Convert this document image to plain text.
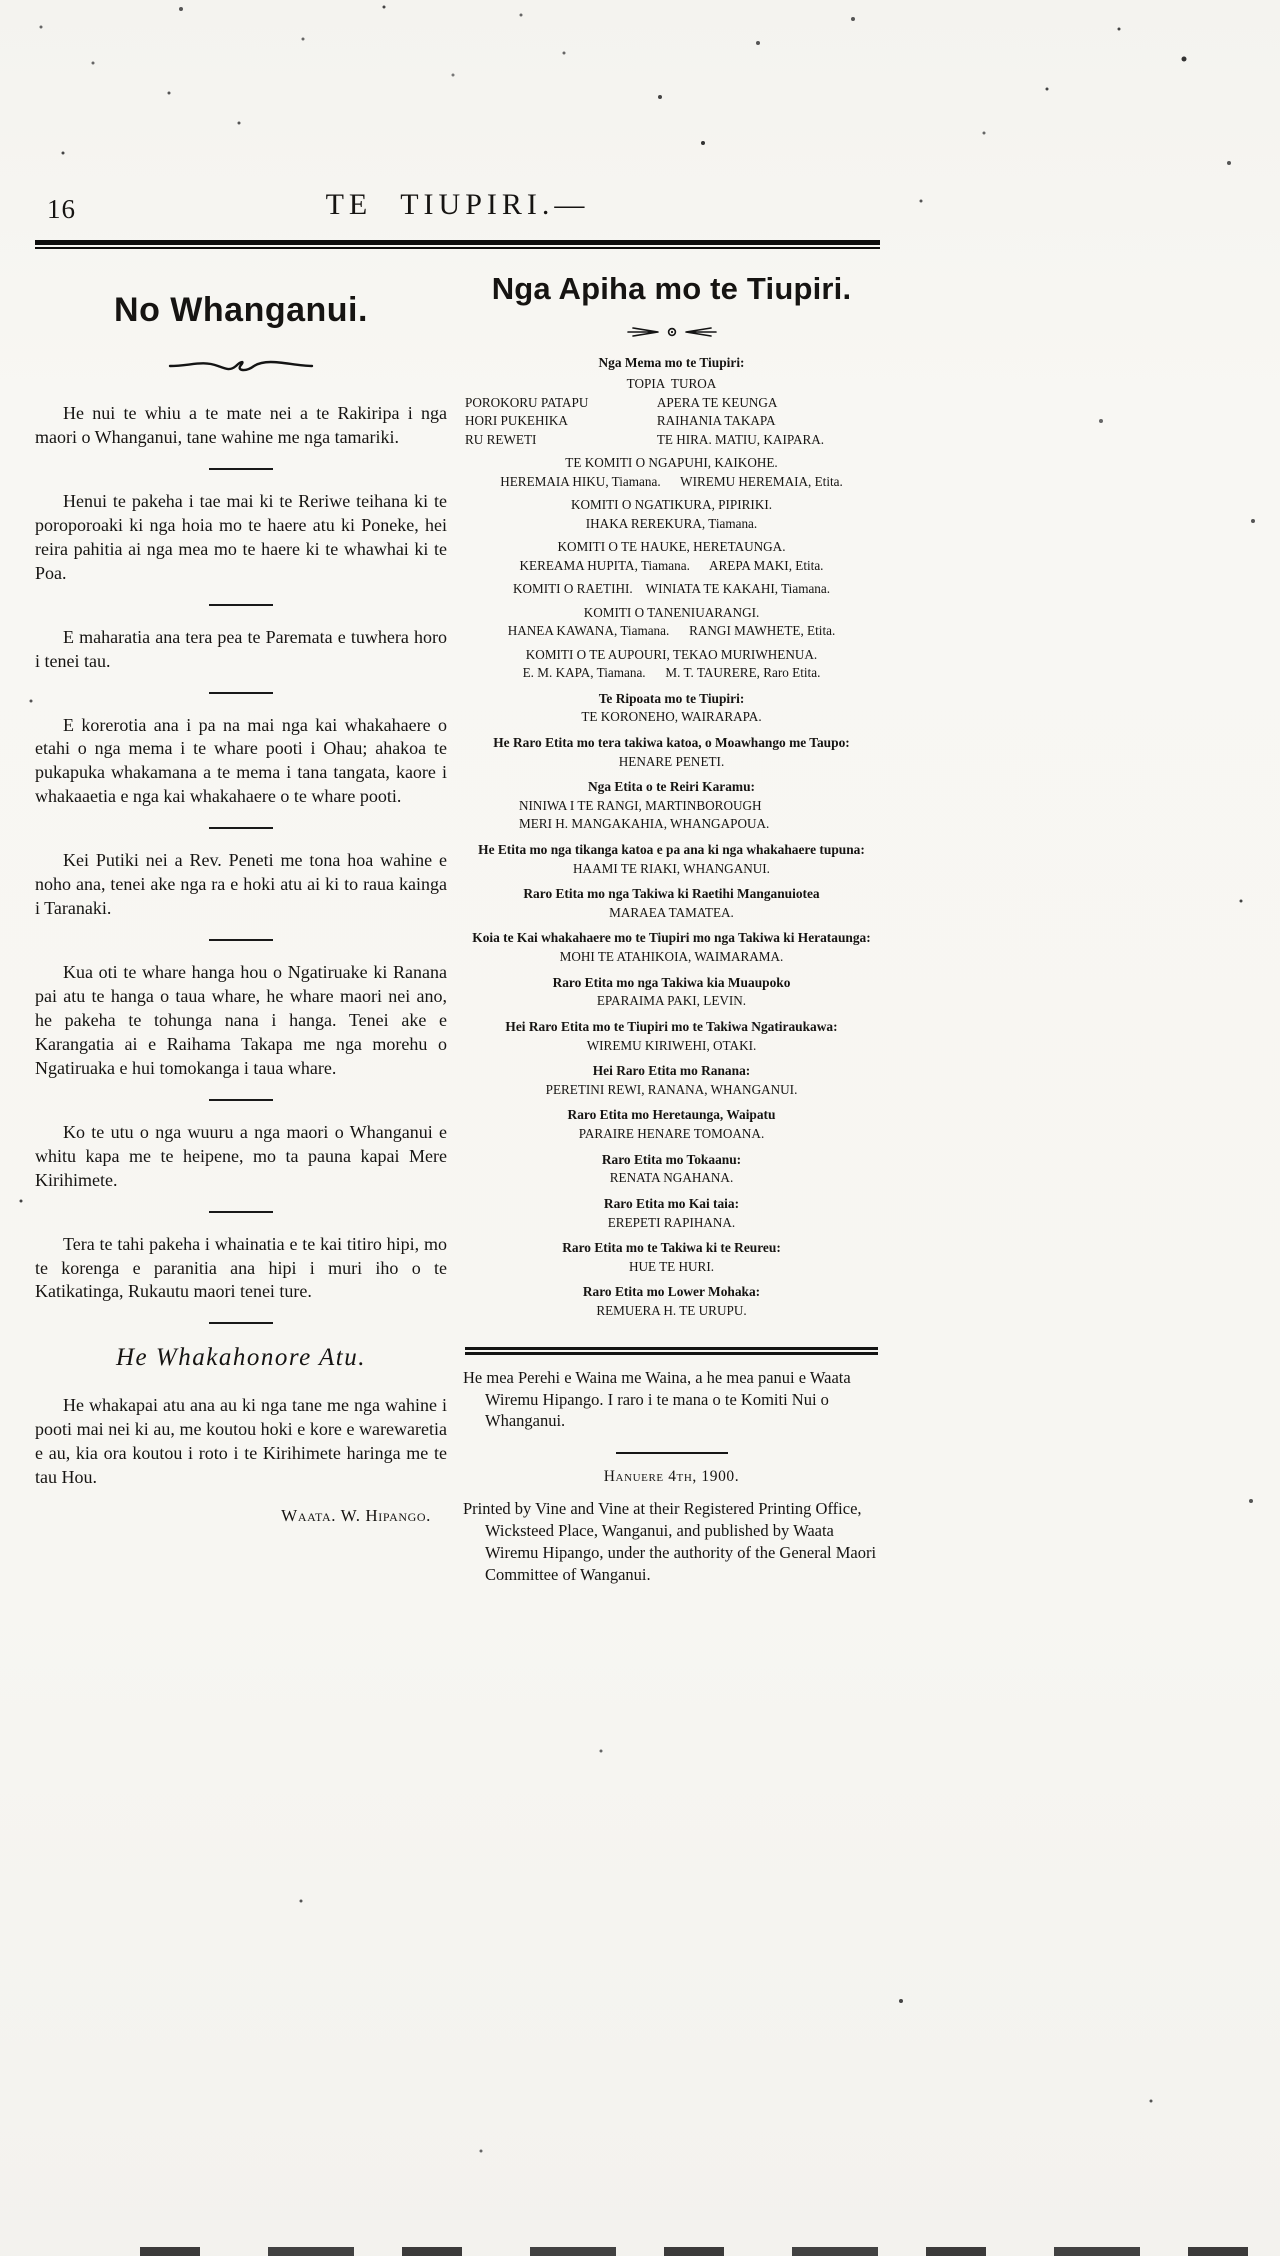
16	TE TIUPIRI.—
No Whanganui.

He nui te whiu a te mate nei a te Rakiripa i nga maori o Whanganui, tane wahine me nga tamariki.

Henui te pakeha i tae mai ki te Reriwe teihana ki te poroporoaki ki nga hoia mo te haere atu ki Poneke, hei reira pahitia ai nga mea mo te haere ki te whawhai ki te Poa.

E maharatia ana tera pea te Paremata e tuwhera horo i tenei tau.

E korerotia ana i pa na mai nga kai whakahaere o etahi o nga mema i te whare pooti i Ohau; ahakoa te pukapuka whakamana a te mema i tana tangata, kaore i whakaaetia e nga kai whakahaere o te whare pooti.

Kei Putiki nei a Rev. Peneti me tona hoa wahine e noho ana, tenei ake nga ra e hoki atu ai ki to raua kainga i Taranaki.

Kua oti te whare hanga hou o Ngatiruake ki Ranana pai atu te hanga o taua whare, he whare maori nei ano, he pakeha te tohunga nana i hanga. Tenei ake e Karangatia ai e Raihama Takapa me nga morehu o Ngatiruaka e hui tomokanga i taua whare.

Ko te utu o nga wuuru a nga maori o Whanganui e whitu kapa me te heipene, mo ta pauna kapai Mere Kirihimete.

Tera te tahi pakeha i whainatia e te kai titiro hipi, mo te korenga e paranitia ana hipi i muri iho o te Katikatinga, Rukautu maori tenei ture.

He Whakahonore Atu.

He whakapai atu ana au ki nga tane me nga wahine i pooti mai nei ki au, me koutou hoki e kore e warewaretia e au, kia ora koutou i roto i te Kirihimete haringa me te tau Hou.

Waata. W. Hipango.
Nga Apiha mo te Tiupiri.
Nga Mema mo te Tiupiri:
TOPIA  TUROA
POROKORU PATAPU	APERA TE KEUNGA
HORI PUKEHIKA	RAIHANIA TAKAPA
RU REWETI	TE HIRA. MATIU, KAIPARA.
TE KOMITI O NGAPUHI, KAIKOHE.
HEREMAIA HIKU, Tiamana.      WIREMU HEREMAIA, Etita.
KOMITI O NGATIKURA, PIPIRIKI.
IHAKA REREKURA, Tiamana.
KOMITI O TE HAUKE, HERETAUNGA.
KEREAMA HUPITA, Tiamana.      AREPA MAKI, Etita.
KOMITI O RAETIHI.    WINIATA TE KAKAHI, Tiamana.
KOMITI O TANENIUARANGI.
HANEA KAWANA, Tiamana.      RANGI MAWHETE, Etita.
KOMITI O TE AUPOURI, TEKAO MURIWHENUA.
E. M. KAPA, Tiamana.      M. T. TAURERE, Raro Etita.
Te Ripoata mo te Tiupiri:
TE KORONEHO, WAIRARAPA.
He Raro Etita mo tera takiwa katoa, o Moawhango me Taupo:
HENARE PENETI.
Nga Etita o te Reiri Karamu:
NINIWA I TE RANGI, MARTINBOROUGH
MERI H. MANGAKAHIA, WHANGAPOUA.
He Etita mo nga tikanga katoa e pa ana ki nga whakahaere tupuna:
HAAMI TE RIAKI, WHANGANUI.
Raro Etita mo nga Takiwa ki Raetihi Manganuiotea
MARAEA TAMATEA.
Koia te Kai whakahaere mo te Tiupiri mo nga Takiwa ki Herataunga:
MOHI TE ATAHIKOIA, WAIMARAMA.
Raro Etita mo nga Takiwa kia Muaupoko
EPARAIMA PAKI, LEVIN.
Hei Raro Etita mo te Tiupiri mo te Takiwa Ngatiraukawa:
WIREMU KIRIWEHI, OTAKI.
Hei Raro Etita mo Ranana:
PERETINI REWI, RANANA, WHANGANUI.
Raro Etita mo Heretaunga, Waipatu
PARAIRE HENARE TOMOANA.
Raro Etita mo Tokaanu:
RENATA NGAHANA.
Raro Etita mo Kai taia:
EREPETI RAPIHANA.
Raro Etita mo te Takiwa ki te Reureu:
HUE TE HURI.
Raro Etita mo Lower Mohaka:
REMUERA H. TE URUPU.

He mea Perehi e Waina me Waina, a he mea panui e Waata Wiremu Hipango. I raro i te mana o te Komiti Nui o Whanganui.

Hanuere 4th, 1900.

Printed by Vine and Vine at their Registered Printing Office, Wicksteed Place, Wanganui, and published by Waata Wiremu Hipango, under the authority of the General Maori Committee of Wanganui.
